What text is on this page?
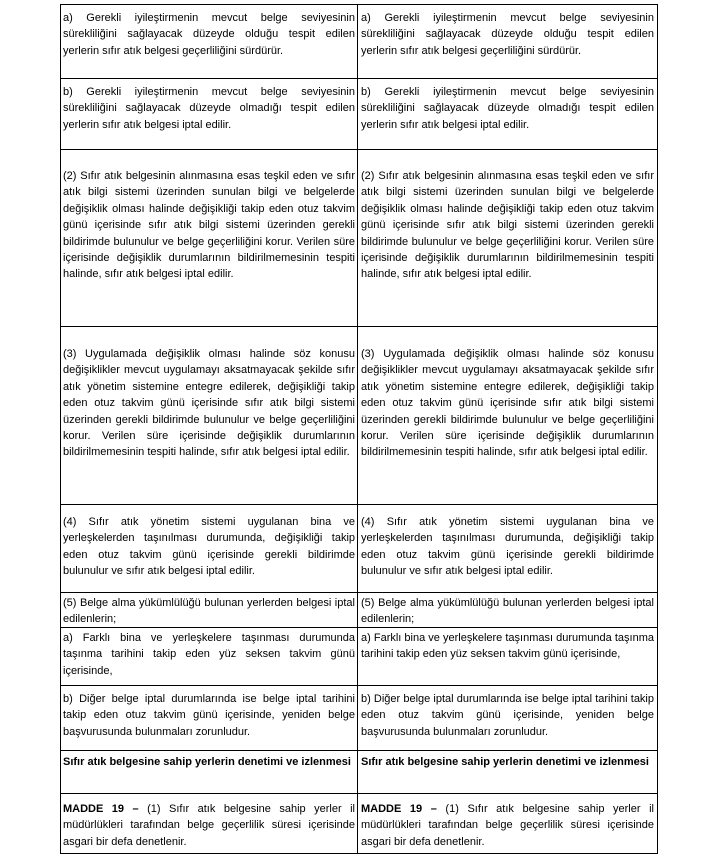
a) Gerekli iyileştirmenin mevcut belge seviyesinin sürekliliğini sağlayacak düzeyde olduğu tespit edilen yerlerin sıfır atık belgesi geçerliliğini sürdürür.
a) Gerekli iyileştirmenin mevcut belge seviyesinin sürekliliğini sağlayacak düzeyde olduğu tespit edilen yerlerin sıfır atık belgesi geçerliliğini sürdürür.
b) Gerekli iyileştirmenin mevcut belge seviyesinin sürekliliğini sağlayacak düzeyde olmadığı tespit edilen yerlerin sıfır atık belgesi iptal edilir.
b) Gerekli iyileştirmenin mevcut belge seviyesinin sürekliliğini sağlayacak düzeyde olmadığı tespit edilen yerlerin sıfır atık belgesi iptal edilir.
(2) Sıfır atık belgesinin alınmasına esas teşkil eden ve sıfır atık bilgi sistemi üzerinden sunulan bilgi ve belgelerde değişiklik olması halinde değişikliği takip eden otuz takvim günü içerisinde sıfır atık bilgi sistemi üzerinden gerekli bildirimde bulunulur ve belge geçerliliğini korur. Verilen süre içerisinde değişiklik durumlarının bildirilmemesinin tespiti halinde, sıfır atık belgesi iptal edilir.
(2) Sıfır atık belgesinin alınmasına esas teşkil eden ve sıfır atık bilgi sistemi üzerinden sunulan bilgi ve belgelerde değişiklik olması halinde değişikliği takip eden otuz takvim günü içerisinde sıfır atık bilgi sistemi üzerinden gerekli bildirimde bulunulur ve belge geçerliliğini korur. Verilen süre içerisinde değişiklik durumlarının bildirilmemesinin tespiti halinde, sıfır atık belgesi iptal edilir.
(3) Uygulamada değişiklik olması halinde söz konusu değişiklikler mevcut uygulamayı aksatmayacak şekilde sıfır atık yönetim sistemine entegre edilerek, değişikliği takip eden otuz takvim günü içerisinde sıfır atık bilgi sistemi üzerinden gerekli bildirimde bulunulur ve belge geçerliliğini korur. Verilen süre içerisinde değişiklik durumlarının bildirilmemesinin tespiti halinde, sıfır atık belgesi iptal edilir.
(3) Uygulamada değişiklik olması halinde söz konusu değişiklikler mevcut uygulamayı aksatmayacak şekilde sıfır atık yönetim sistemine entegre edilerek, değişikliği takip eden otuz takvim günü içerisinde sıfır atık bilgi sistemi üzerinden gerekli bildirimde bulunulur ve belge geçerliliğini korur. Verilen süre içerisinde değişiklik durumlarının bildirilmemesinin tespiti halinde, sıfır atık belgesi iptal edilir.
(4) Sıfır atık yönetim sistemi uygulanan bina ve yerleşkelerden taşınılması durumunda, değişikliği takip eden otuz takvim günü içerisinde gerekli bildirimde bulunulur ve sıfır atık belgesi iptal edilir.
(4) Sıfır atık yönetim sistemi uygulanan bina ve yerleşkelerden taşınılması durumunda, değişikliği takip eden otuz takvim günü içerisinde gerekli bildirimde bulunulur ve sıfır atık belgesi iptal edilir.
(5) Belge alma yükümlülüğü bulunan yerlerden belgesi iptal edilenlerin;
(5) Belge alma yükümlülüğü bulunan yerlerden belgesi iptal edilenlerin;
a) Farklı bina ve yerleşkelere taşınması durumunda taşınma tarihini takip eden yüz seksen takvim günü içerisinde,
a) Farklı bina ve yerleşkelere taşınması durumunda taşınma tarihini takip eden yüz seksen takvim günü içerisinde,
b) Diğer belge iptal durumlarında ise belge iptal tarihini takip eden otuz takvim günü içerisinde, yeniden belge başvurusunda bulunmaları zorunludur.
b) Diğer belge iptal durumlarında ise belge iptal tarihini takip eden otuz takvim günü içerisinde, yeniden belge başvurusunda bulunmaları zorunludur.
Sıfır atık belgesine sahip yerlerin denetimi ve izlenmesi Sıfır atık belgesine sahip yerlerin denetimi ve izlenmesi
MADDE 19 – (1) Sıfır atık belgesine sahip yerler il müdürlükleri tarafından belge geçerlilik süresi içerisinde asgari bir defa denetlenir.
MADDE 19 – (1) Sıfır atık belgesine sahip yerler il müdürlükleri tarafından belge geçerlilik süresi içerisinde asgari bir defa denetlenir.
